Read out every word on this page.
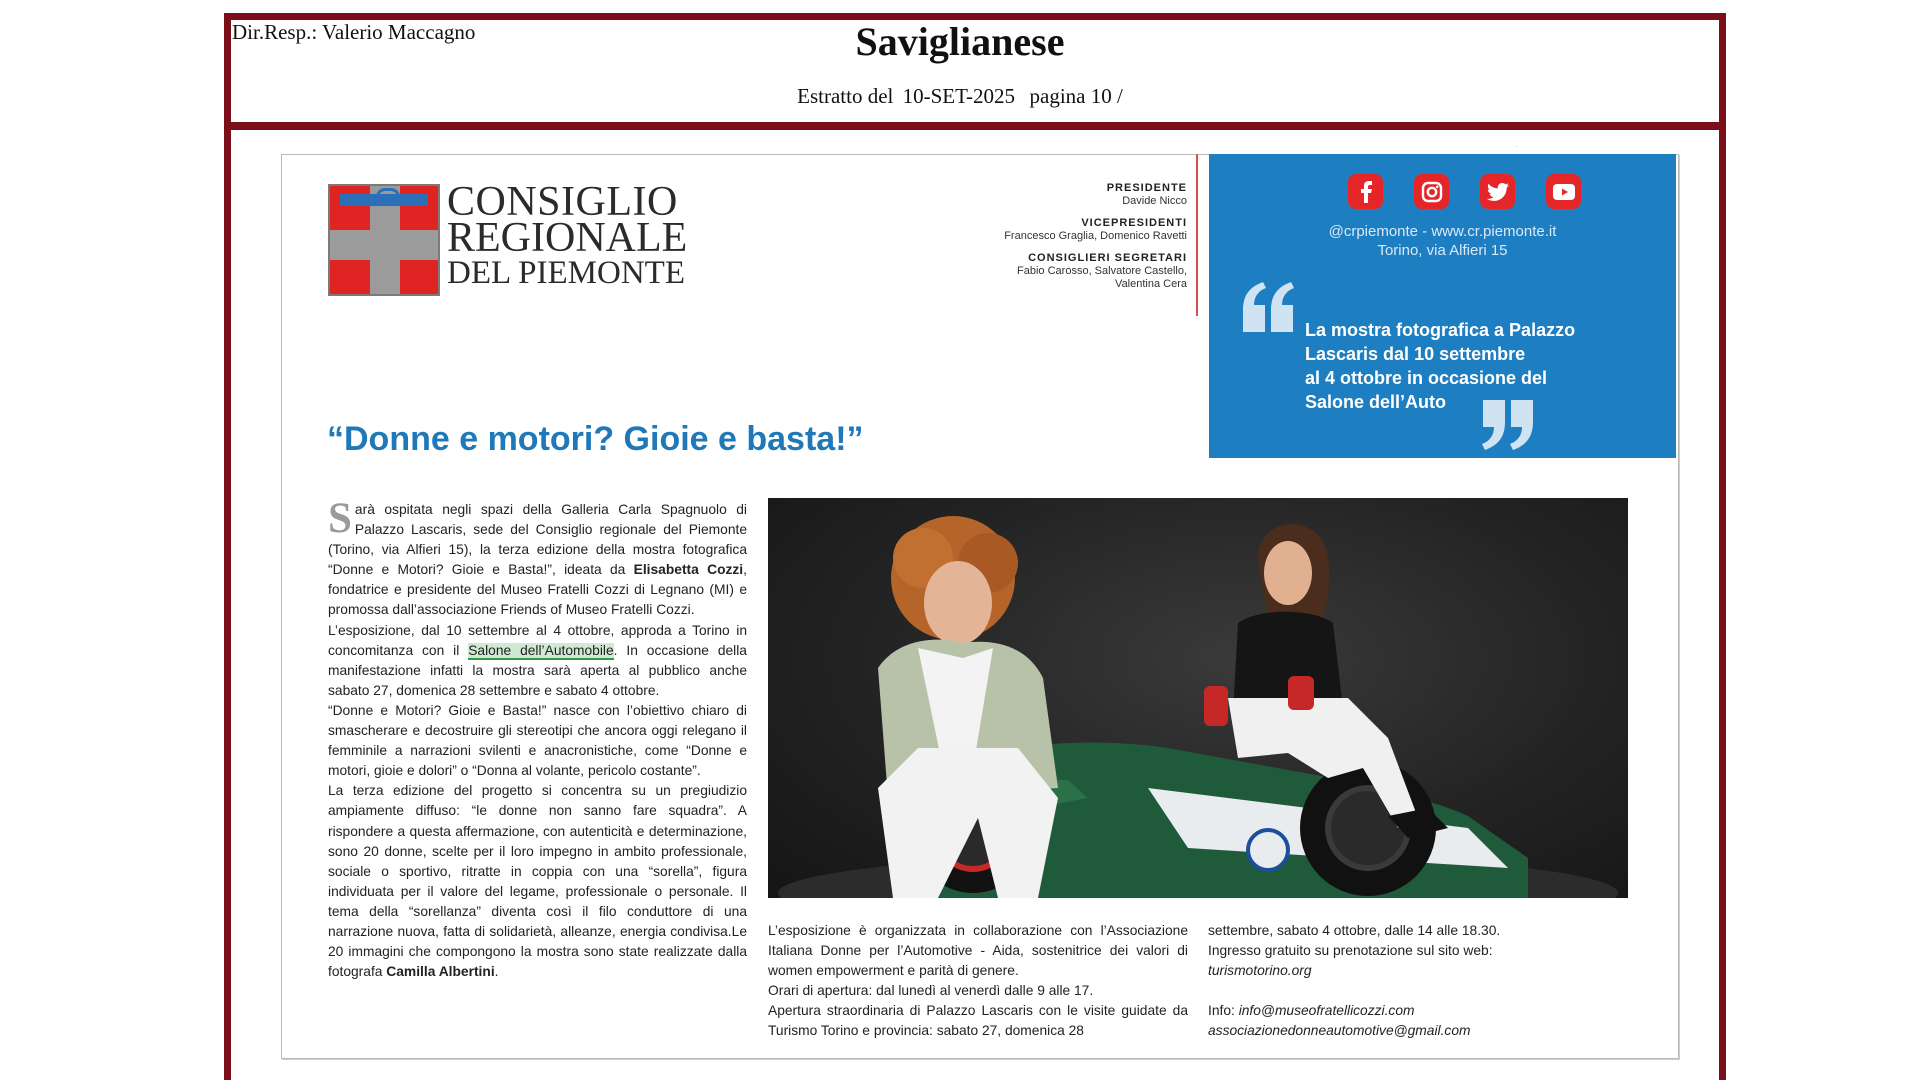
Dir.Resp.: Valerio Maccagno	Saviglianese
Estratto del 10-SET-2025 pagina 10 /
·
CONSIGLIO
REGIONALE
DEL PIEMONTE
PRESIDENTE
Davide Nicco
VICEPRESIDENTI
Francesco Graglia, Domenico Ravetti
CONSIGLIERI SEGRETARI
Fabio Carosso, Salvatore Castello,
Valentina Cera
@crpiemonte - www.cr.piemonte.it
Torino, via Alfieri 15
La mostra fotografica a Palazzo
Lascaris dal 10 settembre
al 4 ottobre in occasione del
Salone dell’Auto
“Donne e motori? Gioie e basta!”

Sarà ospitata negli spazi della Galleria Carla Spagnuolo di Palazzo Lascaris, sede del Consiglio regionale del Piemonte (Torino, via Alfieri 15), la terza edizione della mostra fotografica “Donne e Motori? Gioie e Basta!”, ideata da Elisabetta Cozzi, fondatrice e presidente del Museo Fratelli Cozzi di Legnano (MI) e promossa dall’associazione Friends of Museo Fratelli Cozzi.

L’esposizione, dal 10 settembre al 4 ottobre, approda a Torino in concomitanza con il Salone dell’Automobile. In occasione della manifestazione infatti la mostra sarà aperta al pubblico anche sabato 27, domenica 28 settembre e sabato 4 ottobre.

“Donne e Motori? Gioie e Basta!” nasce con l’obiettivo chiaro di smascherare e decostruire gli stereotipi che ancora oggi relegano il femminile a narrazioni svilenti e anacronistiche, come “Donne e motori, gioie e dolori” o “Donna al volante, pericolo costante”.

La terza edizione del progetto si concentra su un pregiudizio ampiamente diffuso: “le donne non sanno fare squadra”. A rispondere a questa affermazione, con autenticità e determinazione, sono 20 donne, scelte per il loro impegno in ambito professionale, sociale o sportivo, ritratte in coppia con una “sorella”, figura individuata per il valore del legame, professionale o personale. Il tema della “sorellanza” diventa così il filo conduttore di una narrazione nuova, fatta di solidarietà, alleanze, energia condivisa.Le 20 immagini che compongono la mostra sono state realizzate dalla fotografa Camilla Albertini.

L’esposizione è organizzata in collaborazione con l’Associazione Italiana Donne per l’Automotive - Aida, sostenitrice dei valori di women empowerment e parità di genere.

Orari di apertura: dal lunedì al venerdì dalle 9 alle 17.

Apertura straordinaria di Palazzo Lascaris con le visite guidate da Turismo Torino e provincia: sabato 27, domenica 28

settembre, sabato 4 ottobre, dalle 14 alle 18.30.

Ingresso gratuito su prenotazione sul sito web:

turismotorino.org

Info: info@museofratellicozzi.com

associazionedonneautomotive@gmail.com
